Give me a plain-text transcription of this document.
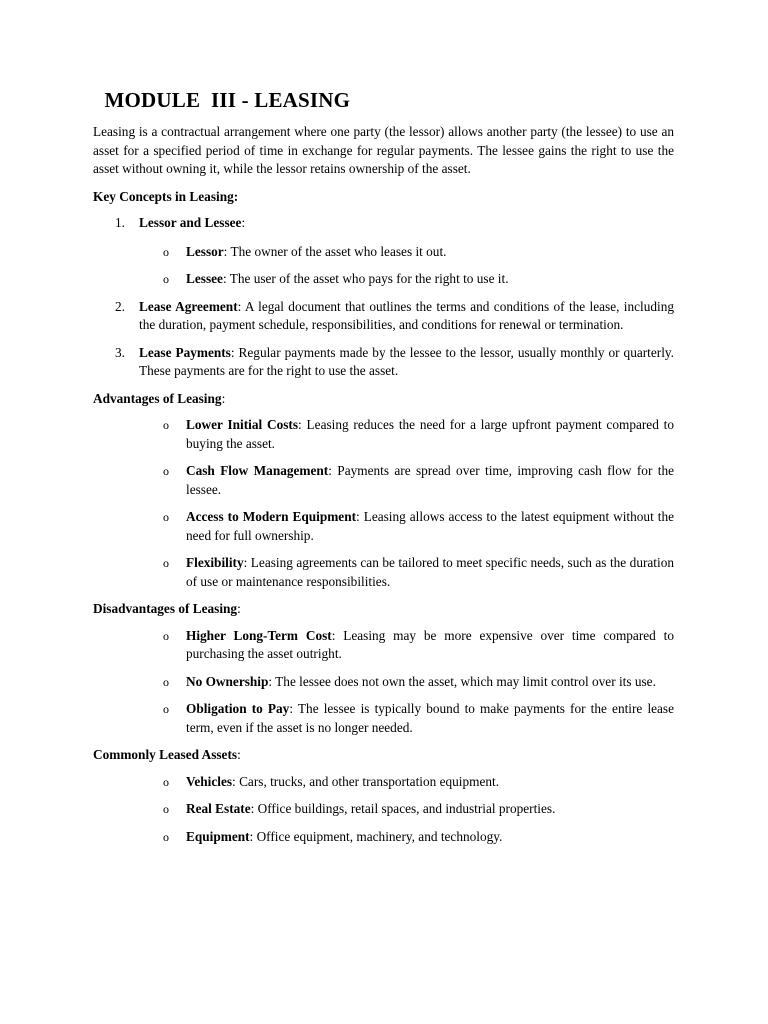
MODULE  III - LEASING

Leasing is a contractual arrangement where one party (the lessor) allows another party (the lessee) to use an asset for a specified period of time in exchange for regular payments. The lessee gains the right to use the asset without owning it, while the lessor retains ownership of the asset.

Key Concepts in Leasing:

1. Lessor and Lessee:
o Lessor: The owner of the asset who leases it out.
o Lessee: The user of the asset who pays for the right to use it.
2. Lease Agreement: A legal document that outlines the terms and conditions of the lease, including the duration, payment schedule, responsibilities, and conditions for renewal or termination.
3. Lease Payments: Regular payments made by the lessee to the lessor, usually monthly or quarterly. These payments are for the right to use the asset.

Advantages of Leasing:

o Lower Initial Costs: Leasing reduces the need for a large upfront payment compared to buying the asset.
o Cash Flow Management: Payments are spread over time, improving cash flow for the lessee.
o Access to Modern Equipment: Leasing allows access to the latest equipment without the need for full ownership.
o Flexibility: Leasing agreements can be tailored to meet specific needs, such as the duration of use or maintenance responsibilities.

Disadvantages of Leasing:

o Higher Long-Term Cost: Leasing may be more expensive over time compared to purchasing the asset outright.
o No Ownership: The lessee does not own the asset, which may limit control over its use.
o Obligation to Pay: The lessee is typically bound to make payments for the entire lease term, even if the asset is no longer needed.

Commonly Leased Assets:

o Vehicles: Cars, trucks, and other transportation equipment.
o Real Estate: Office buildings, retail spaces, and industrial properties.
o Equipment: Office equipment, machinery, and technology.
